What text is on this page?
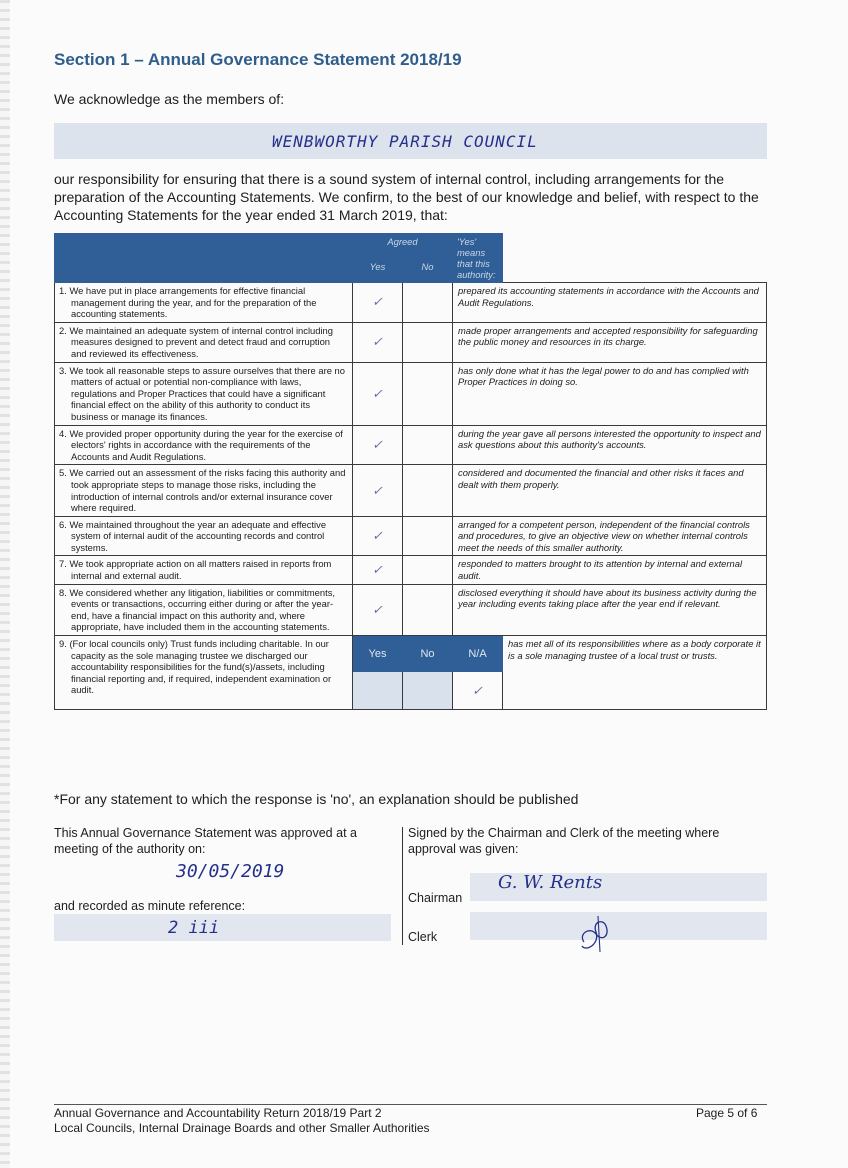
Section 1 – Annual Governance Statement 2018/19
We acknowledge as the members of:
WENBWORTHY PARISH COUNCIL
our responsibility for ensuring that there is a sound system of internal control, including arrangements for the preparation of the Accounting Statements. We confirm, to the best of our knowledge and belief, with respect to the Accounting Statements for the year ended 31 March 2019, that:
	Agreed		'Yes' means that this authority:	
	Yes	No		
1. We have put in place arrangements for effective financial management during the year, and for the preparation of the accounting statements.	✓		prepared its accounting statements in accordance with the Accounts and Audit Regulations.	
2. We maintained an adequate system of internal control including measures designed to prevent and detect fraud and corruption and reviewed its effectiveness.	✓		made proper arrangements and accepted responsibility for safeguarding the public money and resources in its charge.	
3. We took all reasonable steps to assure ourselves that there are no matters of actual or potential non-compliance with laws, regulations and Proper Practices that could have a significant financial effect on the ability of this authority to conduct its business or manage its finances.	✓		has only done what it has the legal power to do and has complied with Proper Practices in doing so.	
4. We provided proper opportunity during the year for the exercise of electors' rights in accordance with the requirements of the Accounts and Audit Regulations.	✓		during the year gave all persons interested the opportunity to inspect and ask questions about this authority's accounts.	
5. We carried out an assessment of the risks facing this authority and took appropriate steps to manage those risks, including the introduction of internal controls and/or external insurance cover where required.	✓		considered and documented the financial and other risks it faces and dealt with them properly.	
6. We maintained throughout the year an adequate and effective system of internal audit of the accounting records and control systems.	✓		arranged for a competent person, independent of the financial controls and procedures, to give an objective view on whether internal controls meet the needs of this smaller authority.	
7. We took appropriate action on all matters raised in reports from internal and external audit.	✓		responded to matters brought to its attention by internal and external audit.	
8. We considered whether any litigation, liabilities or commitments, events or transactions, occurring either during or after the year-end, have a financial impact on this authority and, where appropriate, have included them in the accounting statements.	✓		disclosed everything it should have about its business activity during the year including events taking place after the year end if relevant.	
9. (For local councils only) Trust funds including charitable. In our capacity as the sole managing trustee we discharged our accountability responsibilities for the fund(s)/assets, including financial reporting and, if required, independent examination or audit.	Yes	No	N/A	has met all of its responsibilities where as a body corporate it is a sole managing trustee of a local trust or trusts.
			✓	
*For any statement to which the response is 'no', an explanation should be published
This Annual Governance Statement was approved at a meeting of the authority on:
30/05/2019
and recorded as minute reference:
2 iii
Signed by the Chairman and Clerk of the meeting where approval was given:
Chairman
G. W. Rents
Clerk
Annual Governance and Accountability Return 2018/19 Part 2
Local Councils, Internal Drainage Boards and other Smaller Authorities
Page 5 of 6
